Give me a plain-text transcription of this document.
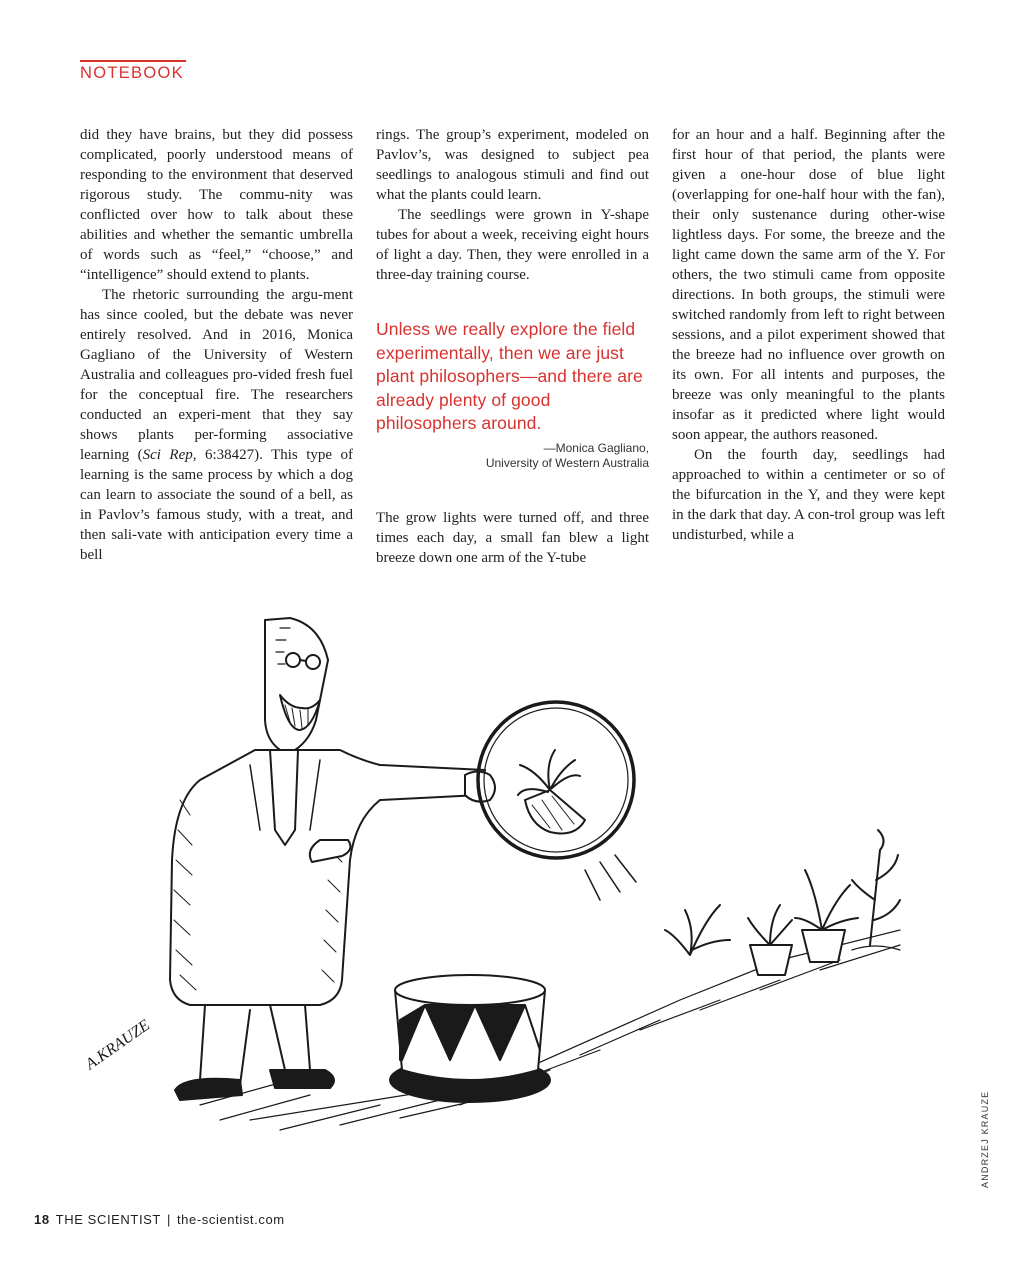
NOTEBOOK

did they have brains, but they did possess complicated, poorly understood means of responding to the environment that deserved rigorous study. The commu-nity was conflicted over how to talk about these abilities and whether the semantic umbrella of words such as “feel,” “choose,” and “intelligence” should extend to plants.

The rhetoric surrounding the argu-ment has since cooled, but the debate was never entirely resolved. And in 2016, Monica Gagliano of the University of Western Australia and colleagues pro-vided fresh fuel for the conceptual fire. The researchers conducted an experi-ment that they say shows plants per-forming associative learning (Sci Rep, 6:38427). This type of learning is the same process by which a dog can learn to associate the sound of a bell, as in Pavlov’s famous study, with a treat, and then sali-vate with anticipation every time a bell

rings. The group’s experiment, modeled on Pavlov’s, was designed to subject pea seedlings to analogous stimuli and find out what the plants could learn.

The seedlings were grown in Y-shape tubes for about a week, receiving eight hours of light a day. Then, they were enrolled in a three-day training course.

Unless we really explore the field experimentally, then we are just plant philosophers—and there are already plenty of good philosophers around.
—Monica Gagliano,
University of Western Australia

The grow lights were turned off, and three times each day, a small fan blew a light breeze down one arm of the Y-tube

for an hour and a half. Beginning after the first hour of that period, the plants were given a one-hour dose of blue light (overlapping for one-half hour with the fan), their only sustenance during other-wise lightless days. For some, the breeze and the light came down the same arm of the Y. For others, the two stimuli came from opposite directions. In both groups, the stimuli were switched randomly from left to right between sessions, and a pilot experiment showed that the breeze had no influence over growth on its own. For all intents and purposes, the breeze was only meaningful to the plants insofar as it predicted where light would soon appear, the authors reasoned.

On the fourth day, seedlings had approached to within a centimeter or so of the bifurcation in the Y, and they were kept in the dark that day. A con-trol group was left undisturbed, while a

A.KRAUZE
ANDRZEJ KRAUZE
18 THE SCIENTIST | the-scientist.com
